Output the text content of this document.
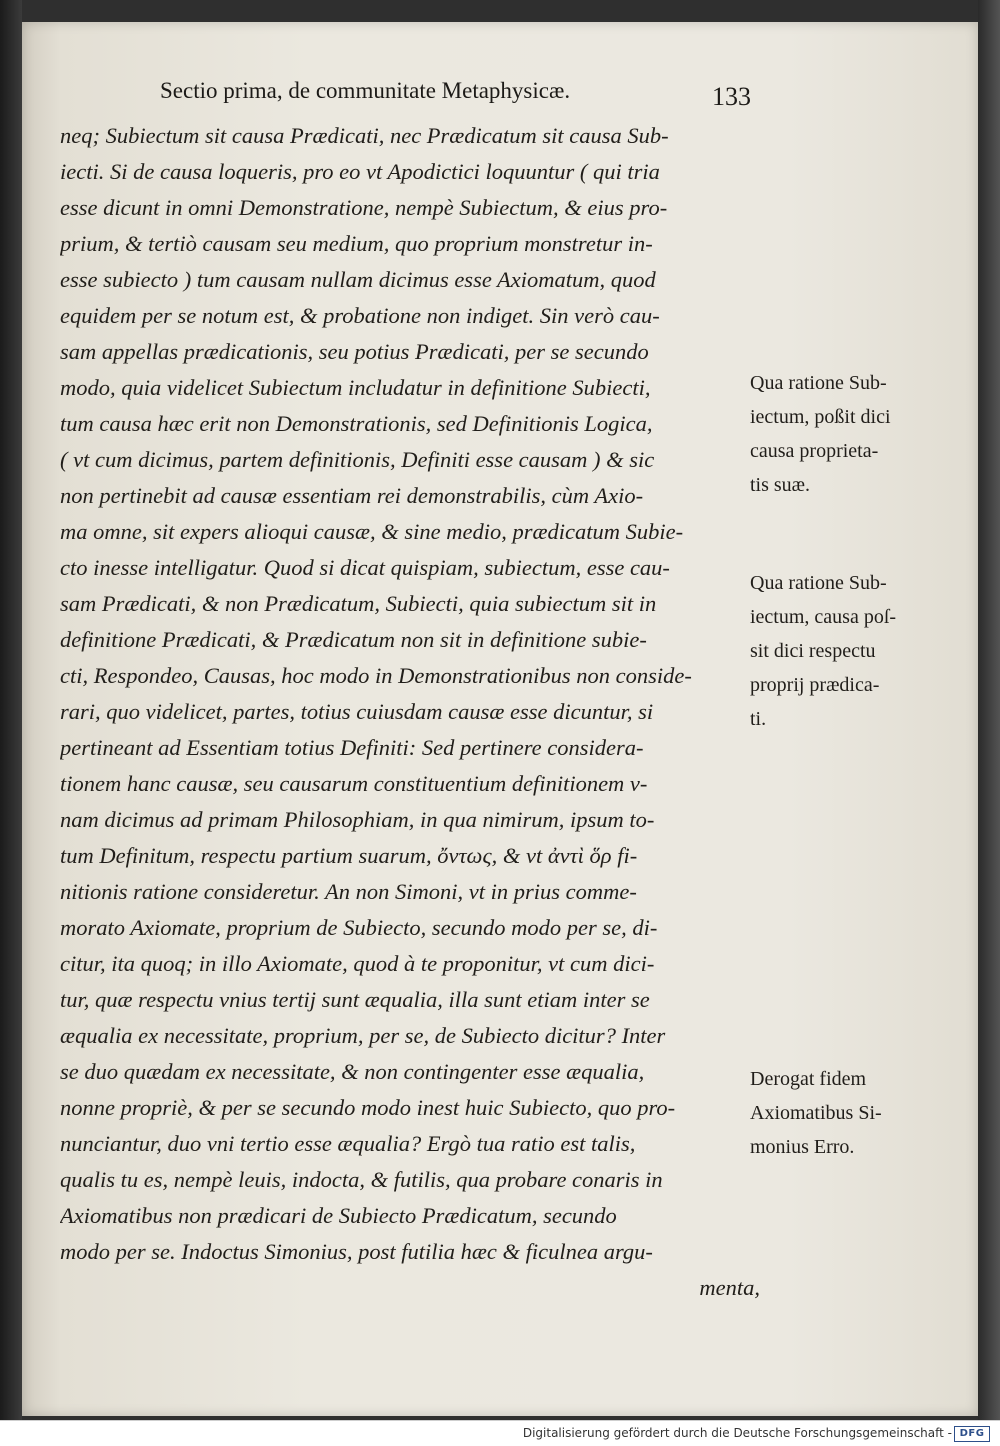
Sectio prima, de communitate Metaphysicæ.	133
neq; Subiectum sit causa Prædicati, nec Prædicatum sit causa Sub-
iecti. Si de causa loqueris, pro eo vt Apodictici loquuntur ( qui tria
esse dicunt in omni Demonstratione, nempè Subiectum, & eius pro-
prium, & tertiò causam seu medium, quo proprium monstretur in-
esse subiecto ) tum causam nullam dicimus esse Axiomatum, quod
equidem per se notum est, & probatione non indiget. Sin verò cau-
sam appellas prædicationis, seu potius Prædicati, per se secundo
modo, quia videlicet Subiectum includatur in definitione Subiecti,
tum causa hæc erit non Demonstrationis, sed Definitionis Logica,
( vt cum dicimus, partem definitionis, Definiti esse causam ) & sic
non pertinebit ad causæ essentiam rei demonstrabilis, cùm Axio-
ma omne, sit expers alioqui causæ, & sine medio, prædicatum Subie-
cto inesse intelligatur. Quod si dicat quispiam, subiectum, esse cau-
sam Prædicati, & non Prædicatum, Subiecti, quia subiectum sit in
definitione Prædicati, & Prædicatum non sit in definitione subie-
cti, Respondeo, Causas, hoc modo in Demonstrationibus non conside-
rari, quo videlicet, partes, totius cuiusdam causæ esse dicuntur, si
pertineant ad Essentiam totius Definiti: Sed pertinere considera-
tionem hanc causæ, seu causarum constituentium definitionem v-
nam dicimus ad primam Philosophiam, in qua nimirum, ipsum to-
tum Definitum, respectu partium suarum, ὄντως, & vt ἀντὶ ὅρ fi-
nitionis ratione consideretur. An non Simoni, vt in prius comme-
morato Axiomate, proprium de Subiecto, secundo modo per se, di-
citur, ita quoq; in illo Axiomate, quod à te proponitur, vt cum dici-
tur, quæ respectu vnius tertij sunt æqualia, illa sunt etiam inter se
æqualia ex necessitate, proprium, per se, de Subiecto dicitur? Inter
se duo quædam ex necessitate, & non contingenter esse æqualia,
nonne propriè, & per se secundo modo inest huic Subiecto, quo pro-
nunciantur, duo vni tertio esse æqualia? Ergò tua ratio est talis,
qualis tu es, nempè leuis, indocta, & futilis, qua probare conaris in
Axiomatibus non prædicari de Subiecto Prædicatum, secundo
modo per se. Indoctus Simonius, post futilia hæc & ficulnea argu-
menta,
Qua ratione Sub-
iectum, poßit dici
causa proprieta-
tis suæ.
Qua ratione Sub-
iectum, causa poſ-
sit dici respectu
proprij prædica-
ti.
Derogat fidem
Axiomatibus Si-
monius Erro.
Digitalisierung gefördert durch die Deutsche Forschungsgemeinschaft - DFG
